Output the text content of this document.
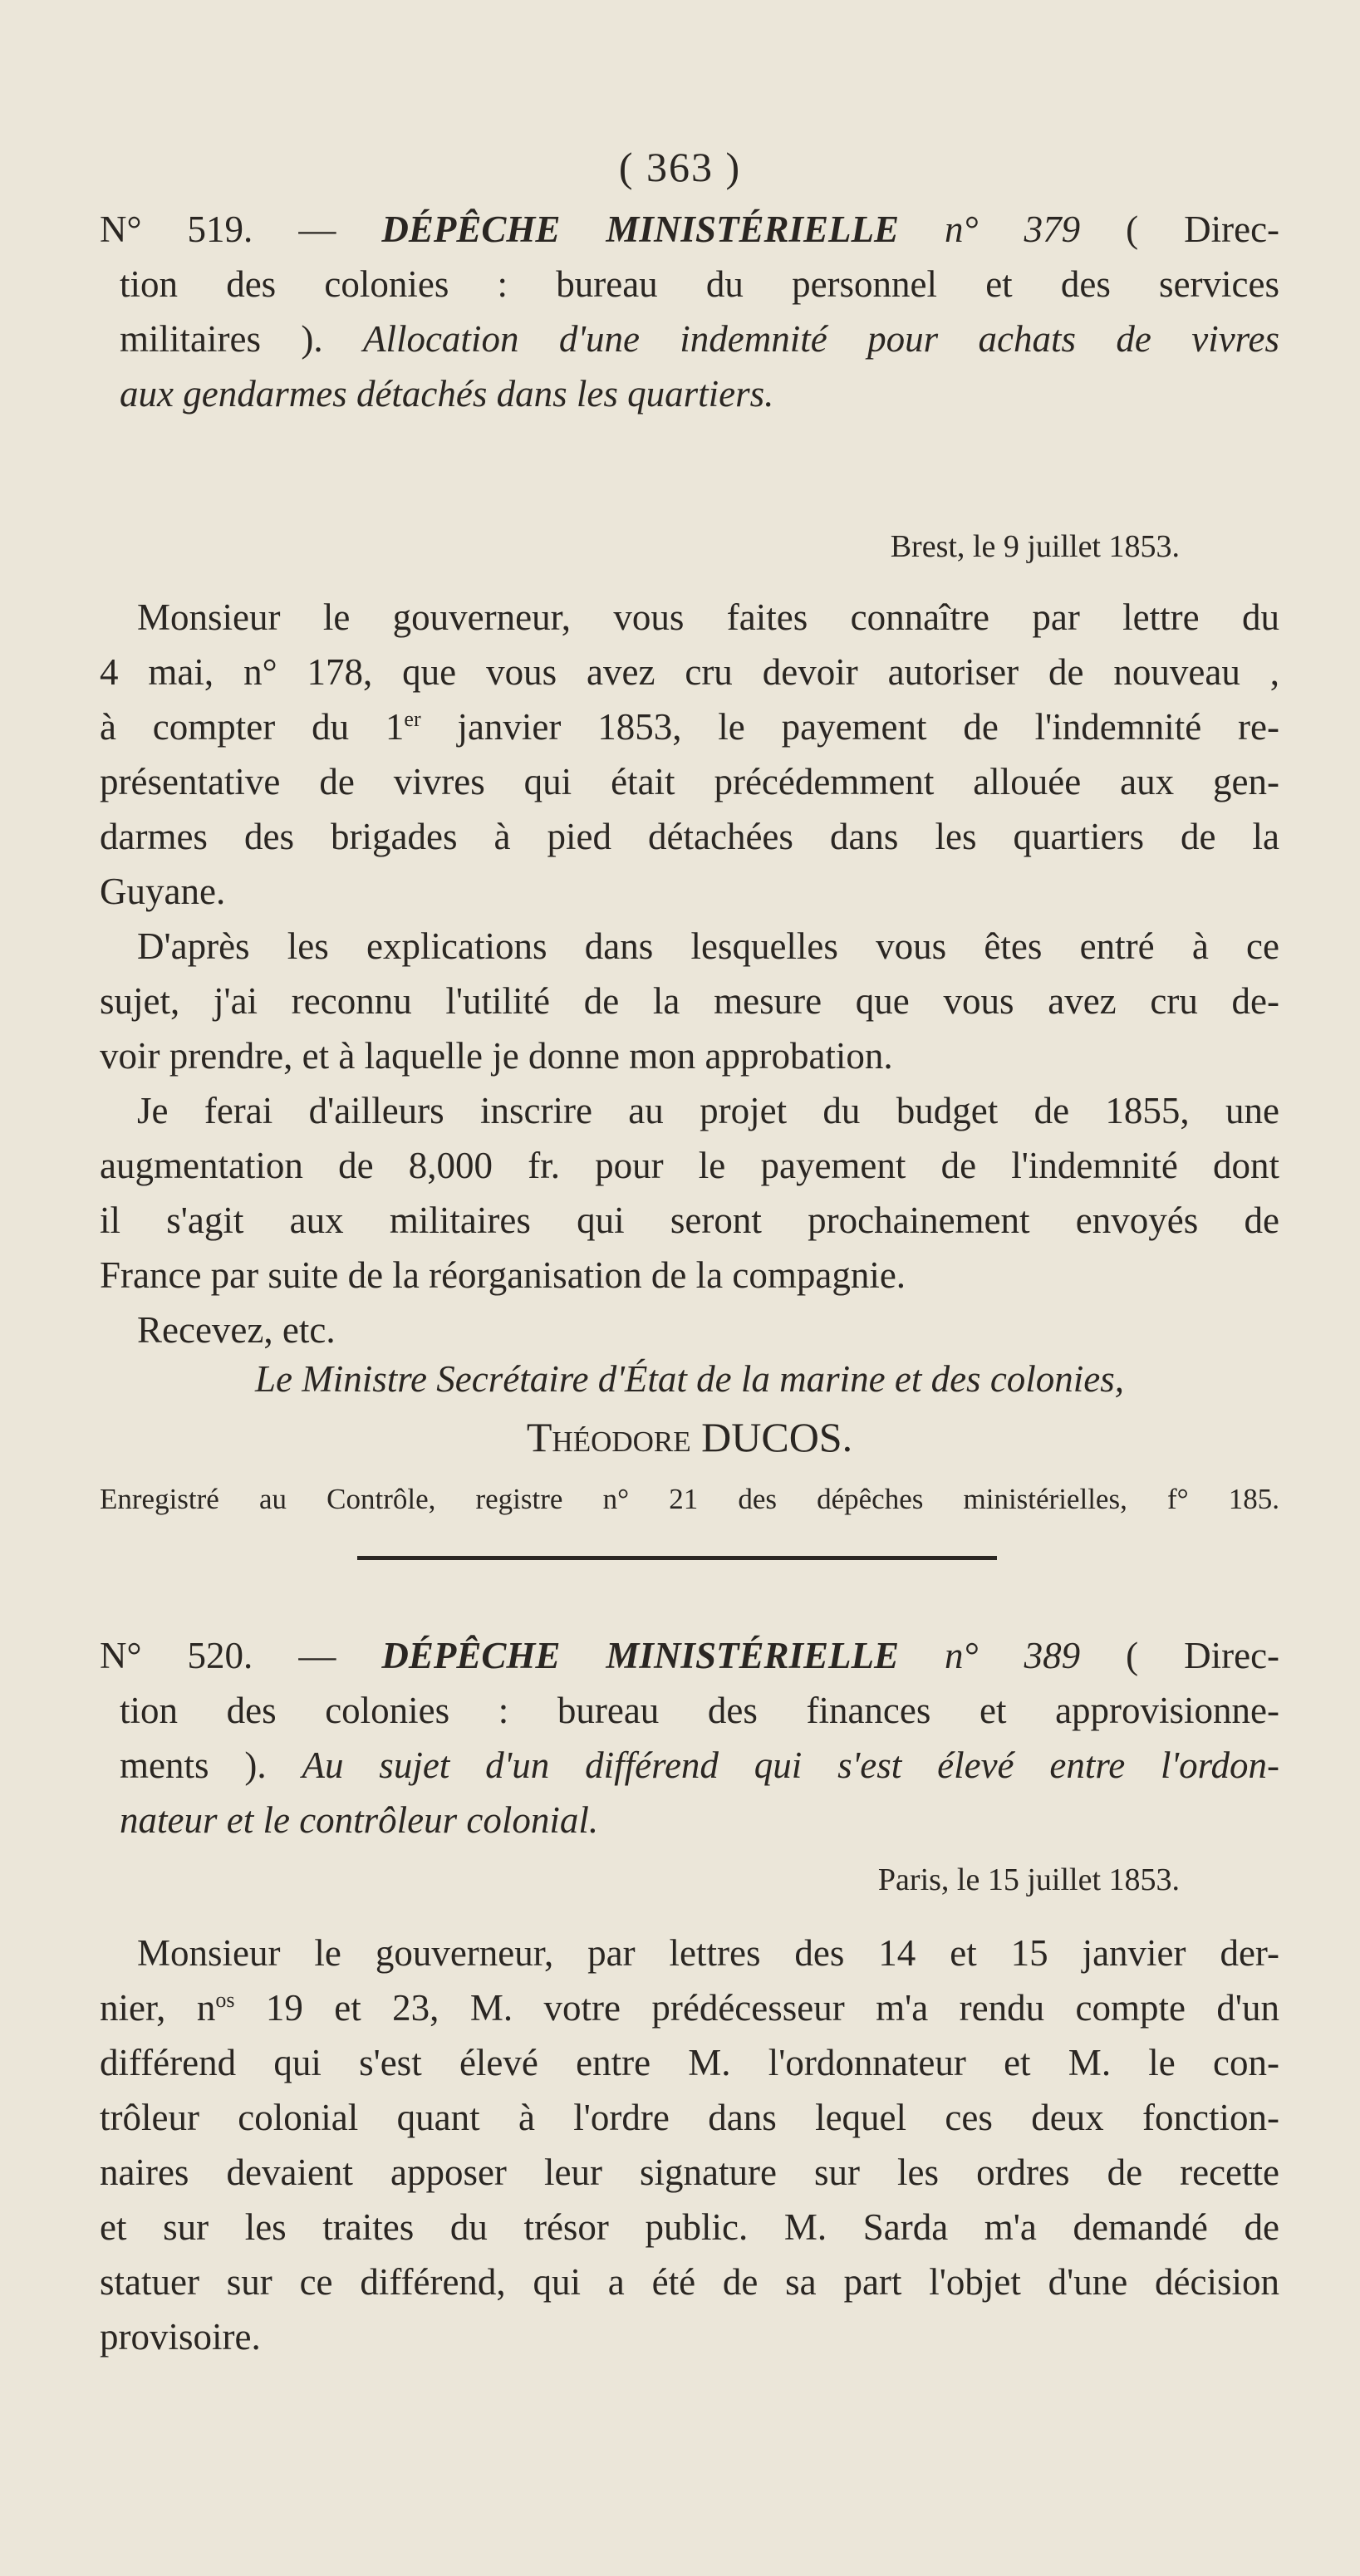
( 363 )
N° 519. — DÉPÊCHE MINISTÉRIELLE n° 379 ( Direc-
tion des colonies : bureau du personnel et des services
militaires ). Allocation d'une indemnité pour achats de vivres
aux gendarmes détachés dans les quartiers.
Brest, le 9 juillet 1853.
Monsieur le gouverneur, vous faites connaître par lettre du
4 mai, n° 178, que vous avez cru devoir autoriser de nouveau ,
à compter du 1er janvier 1853, le payement de l'indemnité re-
présentative de vivres qui était précédemment allouée aux gen-
darmes des brigades à pied détachées dans les quartiers de la
Guyane.
D'après les explications dans lesquelles vous êtes entré à ce
sujet, j'ai reconnu l'utilité de la mesure que vous avez cru de-
voir prendre, et à laquelle je donne mon approbation.
Je ferai d'ailleurs inscrire au projet du budget de 1855, une
augmentation de 8,000 fr. pour le payement de l'indemnité dont
il s'agit aux militaires qui seront prochainement envoyés de
France par suite de la réorganisation de la compagnie.
Recevez, etc.
Le Ministre Secrétaire d'État de la marine et des colonies,
Théodore DUCOS.
Enregistré au Contrôle, registre n° 21 des dépêches ministérielles, f° 185.
N° 520. — DÉPÊCHE MINISTÉRIELLE n° 389 ( Direc-
tion des colonies : bureau des finances et approvisionne-
ments ). Au sujet d'un différend qui s'est élevé entre l'ordon-
nateur et le contrôleur colonial.
Paris, le 15 juillet 1853.
Monsieur le gouverneur, par lettres des 14 et 15 janvier der-
nier, $n^{os}$ 19 et 23, M. votre prédécesseur m'a rendu compte d'un
différend qui s'est élevé entre M. l'ordonnateur et M. le con-
trôleur colonial quant à l'ordre dans lequel ces deux fonction-
naires devaient apposer leur signature sur les ordres de recette
et sur les traites du trésor public. M. Sarda m'a demandé de
statuer sur ce différend, qui a été de sa part l'objet d'une décision
provisoire.
